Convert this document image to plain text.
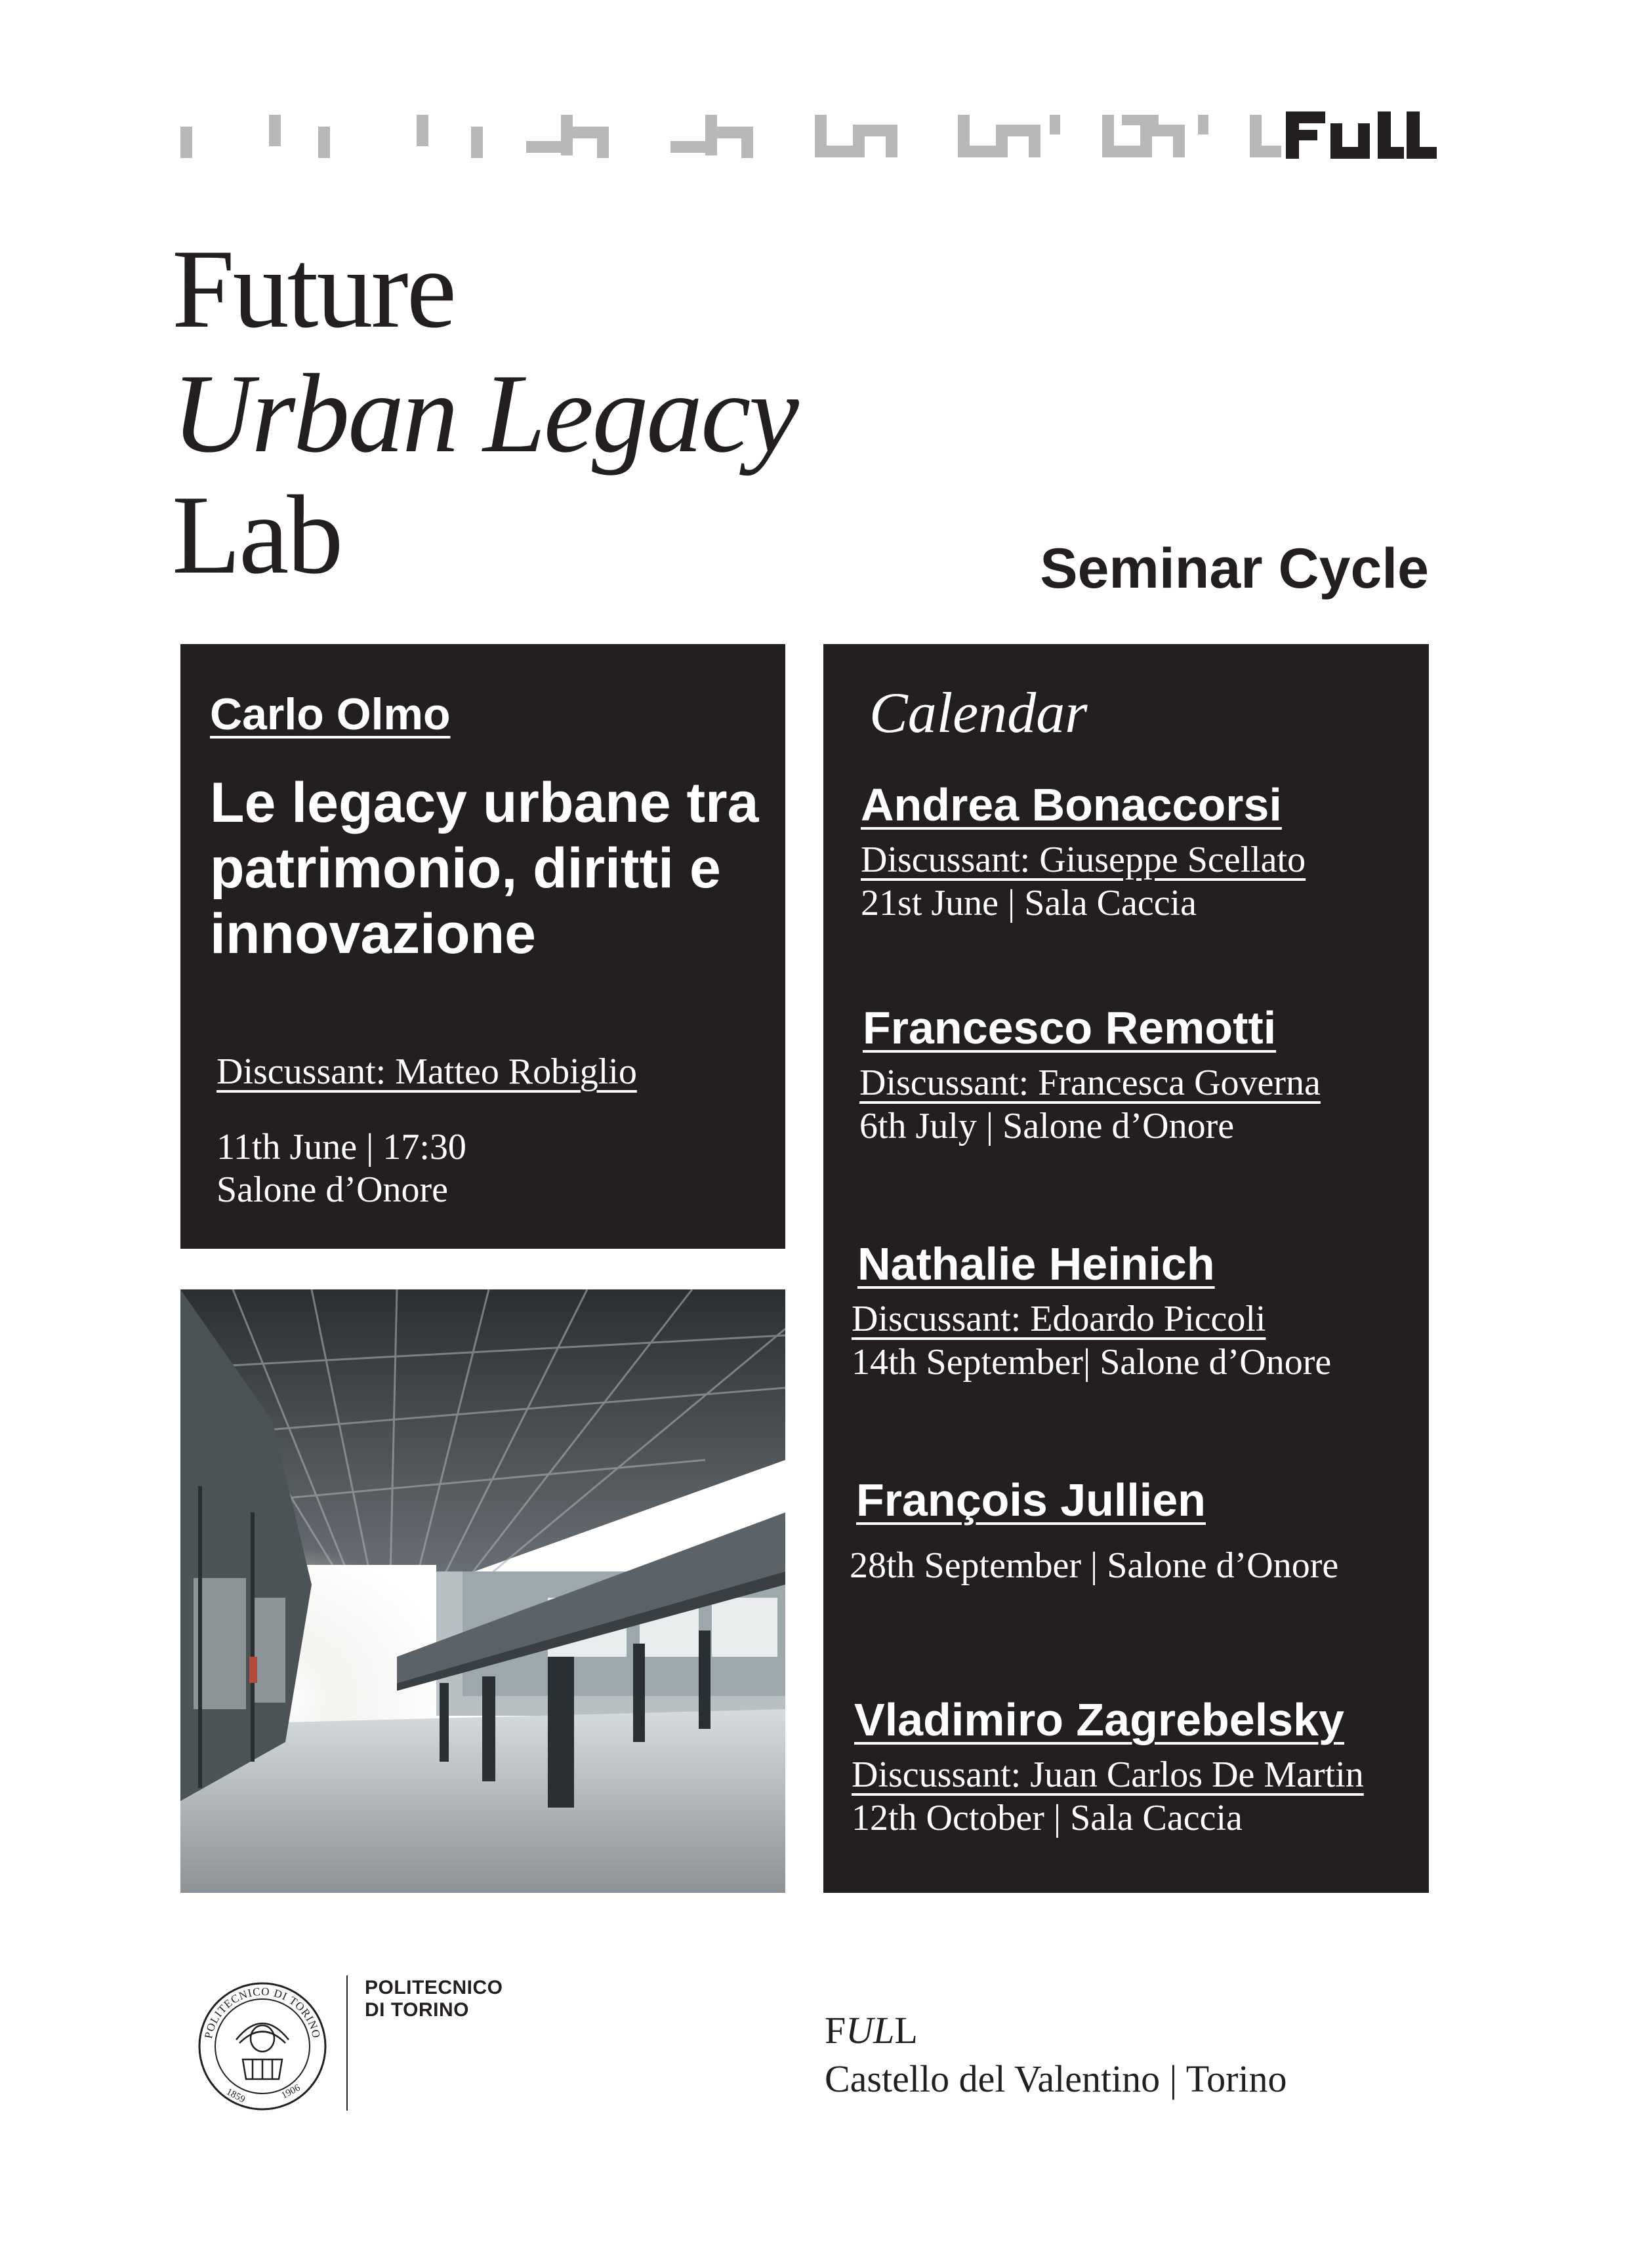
Future
Urban Legacy
Lab	Seminar Cycle
Carlo Olmo
Le legacy urbane tra patrimonio, diritti e innovazione
Discussant: Matteo Robiglio
11th June | 17:30
Salone d’Onore
Calendar
Andrea Bonaccorsi
Discussant: Giuseppe Scellato
21st June | Sala Caccia
Francesco Remotti
Discussant: Francesca Governa
6th July | Salone d’Onore
Nathalie Heinich
Discussant: Edoardo Piccoli
14th September| Salone d’Onore
François Jullien
28th September | Salone d’Onore
Vladimiro Zagrebelsky
Discussant: Juan Carlos De Martin
12th October | Sala Caccia
POLITECNICO DI TORINO
1859	1906
POLITECNICO
DI TORINO	FULL
Castello del Valentino | Torino
